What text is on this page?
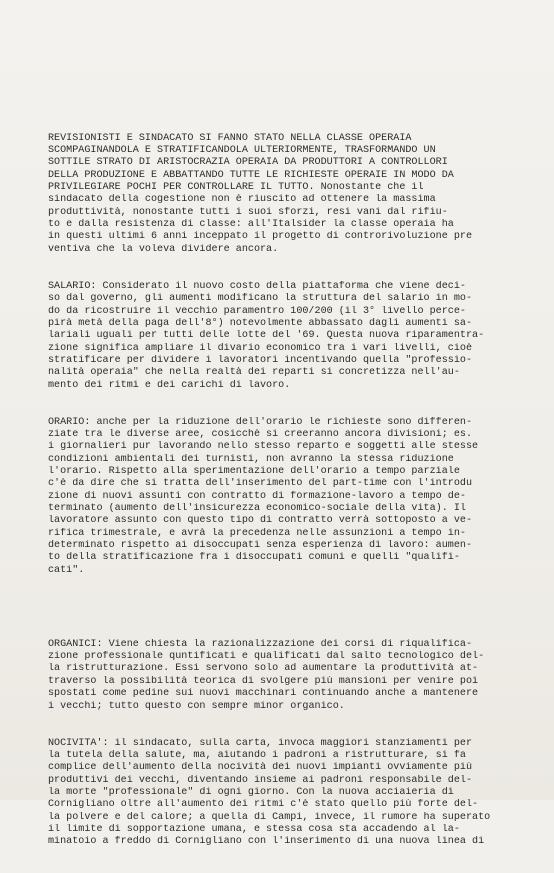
REVISIONISTI E SINDACATO SI FANNO STATO NELLA CLASSE OPERAIA
SCOMPAGINANDOLA E STRATIFICANDOLA ULTERIORMENTE, TRASFORMANDO UN
SOTTILE STRATO DI ARISTOCRAZIA OPERAIA DA PRODUTTORI A CONTROLLORI
DELLA PRODUZIONE E ABBATTANDO TUTTE LE RICHIESTE OPERAIE IN MODO DA
PRIVILEGIARE POCHI PER CONTROLLARE IL TUTTO. Nonostante che il
sindacato della cogestione non è riuscito ad ottenere la massima
produttività, nonostante tutti i suoi sforzi, resi vani dal rifiu-
to e dalla resistenza di classe: all'Italsider la classe operaia ha
in questi ultimi 6 anni inceppato il progetto di controrivoluzione pre
ventiva che la voleva dividere ancora.

SALARIO: Considerato il nuovo costo della piattaforma che viene deci-
so dal governo, gli aumenti modificano la struttura del salario in mo-
do da ricostruire il vecchio paramentro 100/200 (il 3° livello perce-
pirà metà della paga dell'8°) notevolmente abbassato dagli aumenti sa-
lariali uguali per tutti delle lotte del '69. Questa nuova riparamentra-
zione significa ampliare il divario economico tra i vari livelli, cioè
stratificare per dividere i lavoratori incentivando quella "professio-
nalità operaia" che nella realtà dei reparti si concretizza nell'au-
mento dei ritmi e dei carichi di lavoro.

ORARIO: anche per la riduzione dell'orario le richieste sono differen-
ziate tra le diverse aree, cosicchè si creeranno ancora divisioni; es.
i giornalieri pur lavorando nello stesso reparto e soggetti alle stesse
condizioni ambientali dei turnisti, non avranno la stessa riduzione
l'orario. Rispetto alla sperimentazione dell'orario a tempo parziale
c'è da dire che si tratta dell'inserimento del part-time con l'introdu
zione di nuovi assunti con contratto di formazione-lavoro a tempo de-
terminato (aumento dell'insicurezza economico-sociale della vita). Il
lavoratore assunto con questo tipo di contratto verrà sottoposto a ve-
rifica trimestrale, e avrà la precedenza nelle assunzioni a tempo in-
determinato rispetto ai disoccupati senza esperienza di lavoro: aumen-
to della stratificazione fra i disoccupati comuni e quelli "qualifi-
cati".

ORGANICI: Viene chiesta la razionalizzazione dei corsi di riqualifica-
zione professionale quntificati e qualificati dal salto tecnologico del-
la ristrutturazione. Essi servono solo ad aumentare la produttività at-
traverso la possibilità teorica di svolgere più mansioni per venire poi
spostati come pedine sui nuovi macchinari continuando anche a mantenere
i vecchi; tutto questo con sempre minor organico.

NOCIVITA': il sindacato, sulla carta, invoca maggiori stanziamenti per
la tutela della salute, ma, aiutando i padroni a ristrutturare, si fa
complice dell'aumento della nocività dei nuovi impianti ovviamente più
produttivi dei vecchi, diventando insieme ai padroni responsabile del-
la morte "professionale" di ogni giorno. Con la nuova acciaieria di
Cornigliano oltre all'aumento dei ritmi c'è stato quello più forte del-
la polvere e del calore; a quella di Campi, invece, il rumore ha superato
il limite di sopportazione umana, e stessa cosa sta accadendo al la-
minatoio a freddo di Cornigliano con l'inserimento di una nuova linea di
